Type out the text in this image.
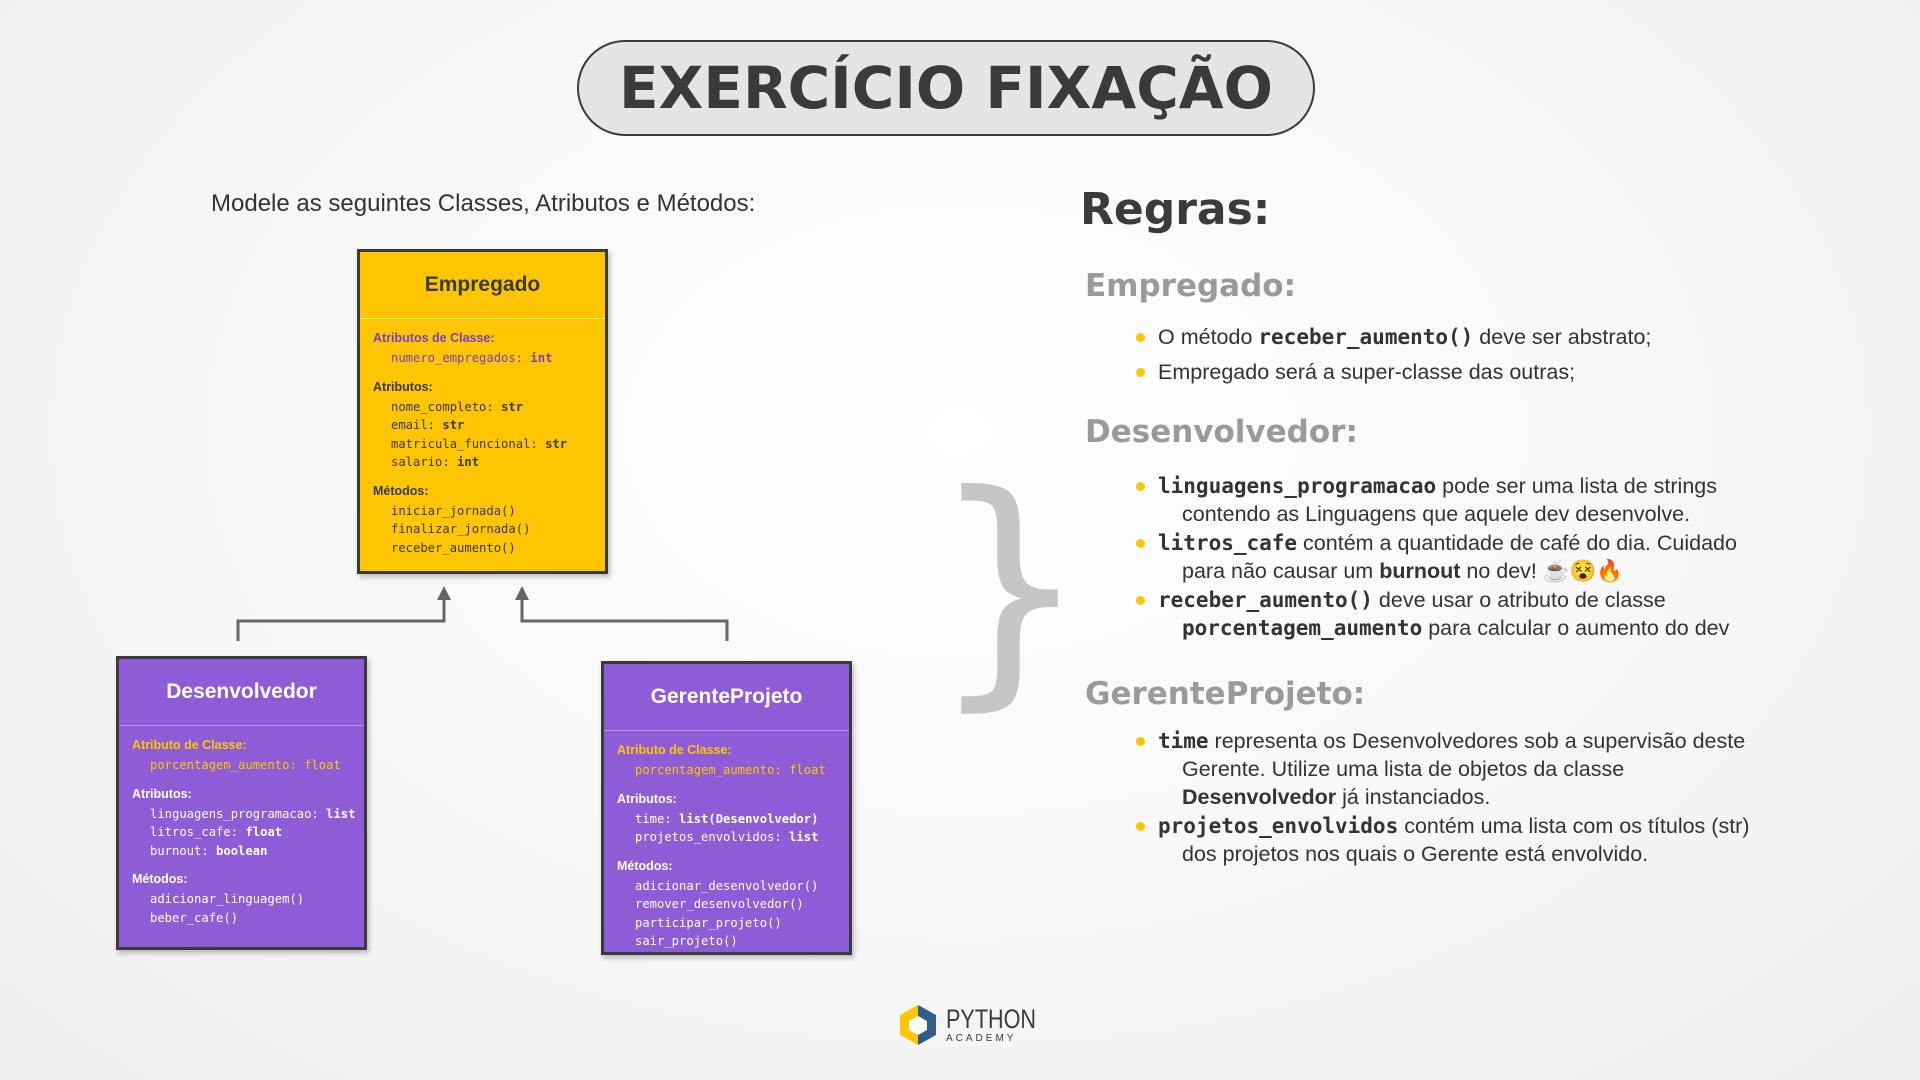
EXERCÍCIO FIXAÇÃO
Modele as seguintes Classes, Atributos e Métodos:
Empregado
Atributos de Classe:
numero_empregados: int
Atributos:
nome_completo: str
email: str
matricula_funcional: str
salario: int
Métodos:
iniciar_jornada()
finalizar_jornada()
receber_aumento()
Desenvolvedor
Atributo de Classe:
porcentagem_aumento: float
Atributos:
linguagens_programacao: list
litros_cafe: float
burnout: boolean
Métodos:
adicionar_linguagem()
beber_cafe()
GerenteProjeto
Atributo de Classe:
porcentagem_aumento: float
Atributos:
time: list(Desenvolvedor)
projetos_envolvidos: list
Métodos:
adicionar_desenvolvedor()
remover_desenvolvedor()
participar_projeto()
sair_projeto()
}
Regras:
Empregado:
O método receber_aumento() deve ser abstrato;
Empregado será a super-classe das outras;
Desenvolvedor:
linguagens_programacao pode ser uma lista de strings
contendo as Linguagens que aquele dev desenvolve.
litros_cafe contém a quantidade de café do dia. Cuidado
para não causar um burnout no dev! ☕😵🔥
receber_aumento() deve usar o atributo de classe
porcentagem_aumento para calcular o aumento do dev
GerenteProjeto:
time representa os Desenvolvedores sob a supervisão deste
Gerente. Utilize uma lista de objetos da classe
Desenvolvedor já instanciados.
projetos_envolvidos contém uma lista com os títulos (str)
dos projetos nos quais o Gerente está envolvido.
PYTHON
ACADEMY
